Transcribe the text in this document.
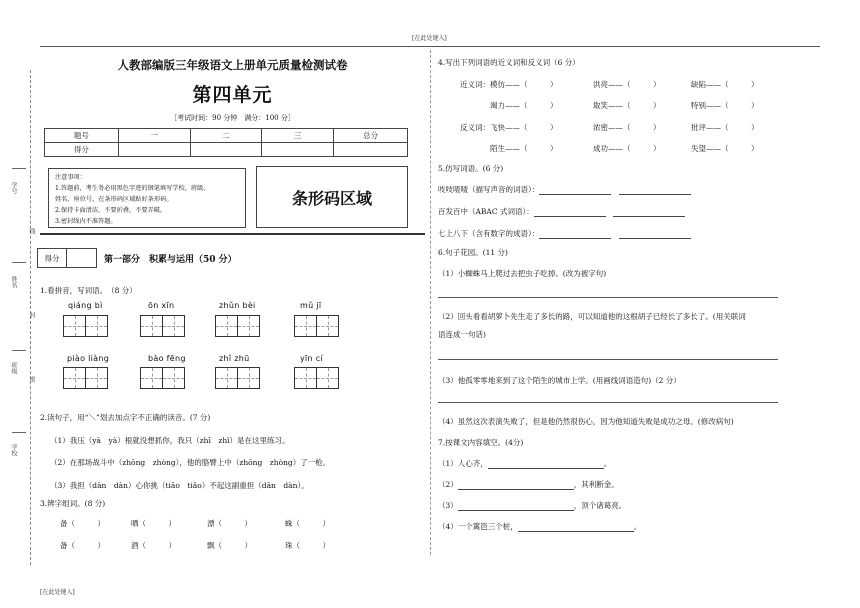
[在此处键入]
学号
线
姓名
封
班级
密
学校
人教部编版三年级语文上册单元质量检测试卷
第四单元
［考试时间：90 分钟　满分：100 分］
题号	一	二	三	总分
得分				
注意事项：
1.答题前，考生务必用黑色字迹的钢笔填写学校、班级、
姓名、座位号，在条形码区域贴好条形码。
2.保持卡面清洁，不要折叠，不要弄破。
3.密封线内不准答题。
条形码区域
得分	第一部分　积累与运用（50 分）
1.看拼音，写词语。　（8 分）
qiáng bì	ōn xīn	zhǔn bèi	mǔ jī
piào liàng	bào fēng	zhǐ zhū	yīn cí
2.读句子，用“＼”划去加点字不正确的读音。(7 分)
（1）我压（yā　yà）根就没想抓你，我只（zhī　zhǐ）是在这里练习。
（2）在那场战斗中（zhōng　zhòng），他的胳臂上中（zhōng　zhòng）了一枪。
（3）我担（dān　dàn）心你挑（tiāo　tiǎo）不起这副重担（dān　dàn）。
3.辨字组词。(8 分)
备（　　　）	晒（　　　）	漂（　　　）	蛛（　　　）
备（　　　）	酒（　　　）	飘（　　　）	珠（　　　）
[在此处键入]
4.写出下列词语的近义词和反义词（6 分）
近义词：模仿——（　　　）	洪亮——（　　　）	缺陷——（　　　）
竭力——（　　　）	取笑——（　　　）	特别——（　　　）
反义词：飞快——（　　　）	浓密——（　　　）	批评——（　　　）
陌生——（　　　）	成功——（　　　）	失望——（　　　）
5.仿写词语。(6 分)
吱吱喳喳（描写声音的词语）：　
百发百中（ABAC 式词语）：　
七上八下（含有数字的成语）：　
6.句子花园。(11 分)
（1）小蜘蛛马上爬过去把虫子吃掉。(改为被字句)
（2）回头看看胡萝卜先生走了多长的路，可以知道他的这根胡子已经长了多长了。(用关联词
语连成一句话)
（3）他孤零零地来到了这个陌生的城市上学。(用画线词语造句)（2 分）
（4）虽然这次表演失败了，但是他仍然很伤心，因为他知道失败是成功之母。(修改病句)
7.按课文内容填空。(4分)
（1）人心齐，	。
（2）	，其利断金。
（3）	，顶个诸葛亮。
（4）一个篱笆三个桩，	。
